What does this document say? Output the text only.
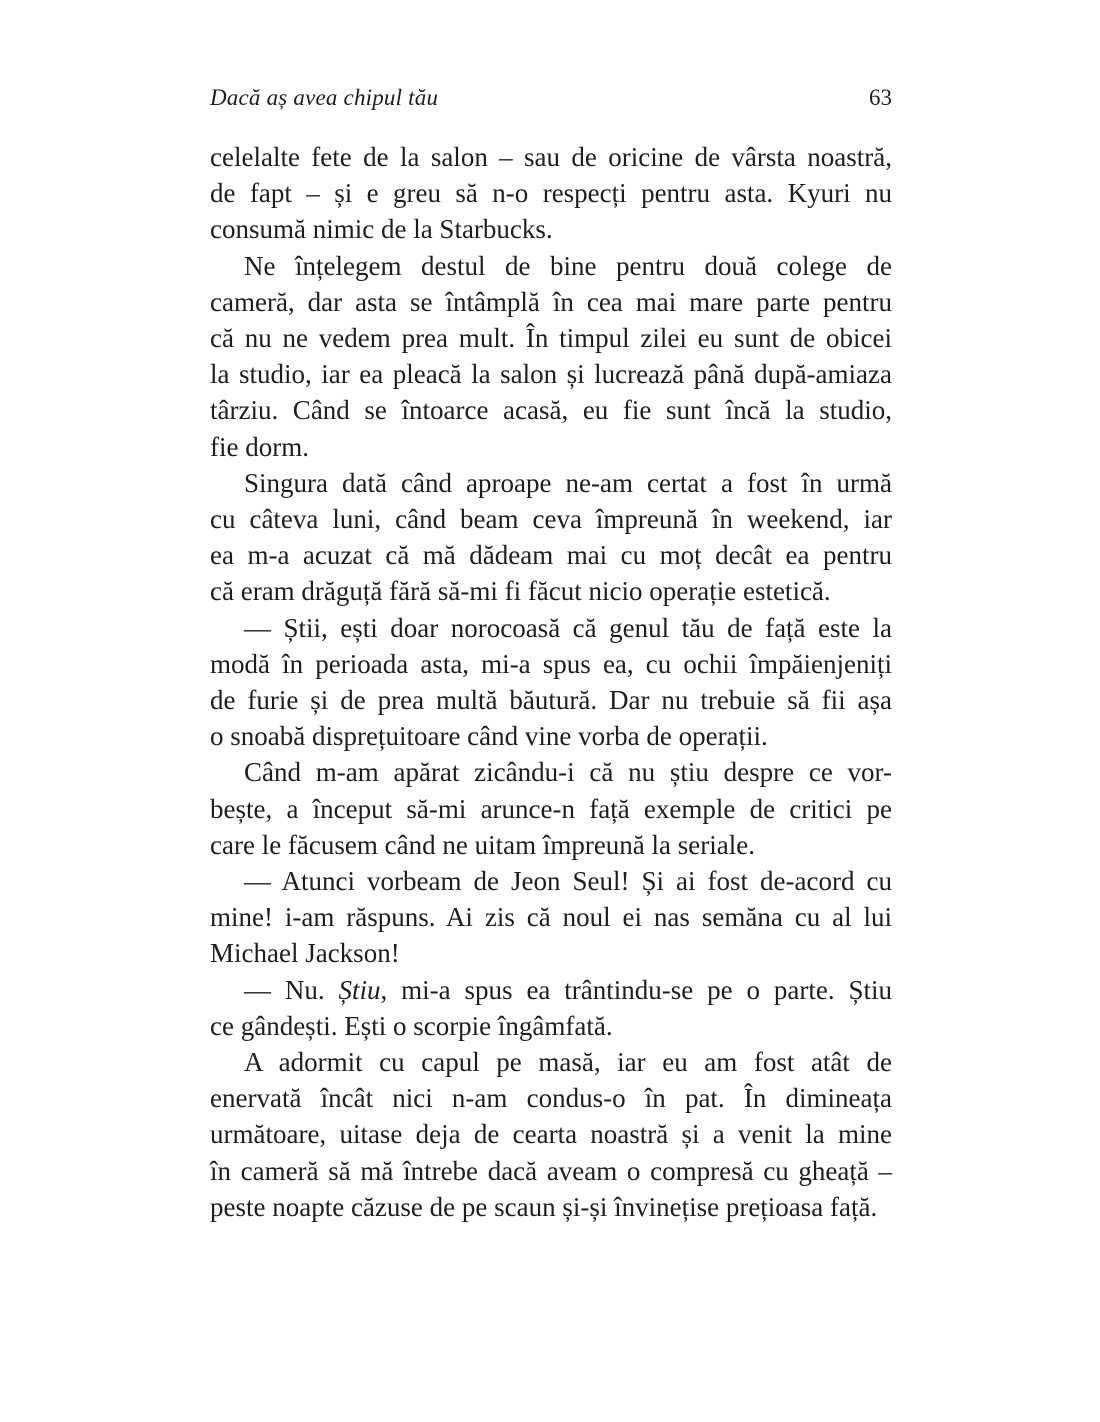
Dacă aș avea chipul tău	63
celelalte fete de la salon – sau de oricine de vârsta noastră,
de fapt – și e greu să n-o respecți pentru asta. Kyuri nu
consumă nimic de la Starbucks.
Ne înțelegem destul de bine pentru două colege de
cameră, dar asta se întâmplă în cea mai mare parte pentru
că nu ne vedem prea mult. În timpul zilei eu sunt de obicei
la studio, iar ea pleacă la salon și lucrează până după-amiaza
târziu. Când se întoarce acasă, eu fie sunt încă la studio,
fie dorm.
Singura dată când aproape ne-am certat a fost în urmă
cu câteva luni, când beam ceva împreună în weekend, iar
ea m-a acuzat că mă dădeam mai cu moț decât ea pentru
că eram drăguță fără să-mi fi făcut nicio operație estetică.
— Știi, ești doar norocoasă că genul tău de față este la
modă în perioada asta, mi-a spus ea, cu ochii împăienjeniți
de furie și de prea multă băutură. Dar nu trebuie să fii așa
o snoabă disprețuitoare când vine vorba de operații.
Când m-am apărat zicându-i că nu știu despre ce vor-
bește, a început să-mi arunce-n față exemple de critici pe
care le făcusem când ne uitam împreună la seriale.
— Atunci vorbeam de Jeon Seul! Și ai fost de-acord cu
mine! i-am răspuns. Ai zis că noul ei nas semăna cu al lui
Michael Jackson!
— Nu. Știu, mi-a spus ea trântindu-se pe o parte. Știu
ce gândești. Ești o scorpie îngâmfată.
A adormit cu capul pe masă, iar eu am fost atât de
enervată încât nici n-am condus-o în pat. În dimineața
următoare, uitase deja de cearta noastră și a venit la mine
în cameră să mă întrebe dacă aveam o compresă cu gheață –
peste noapte căzuse de pe scaun și-și învinețise prețioasa față.
